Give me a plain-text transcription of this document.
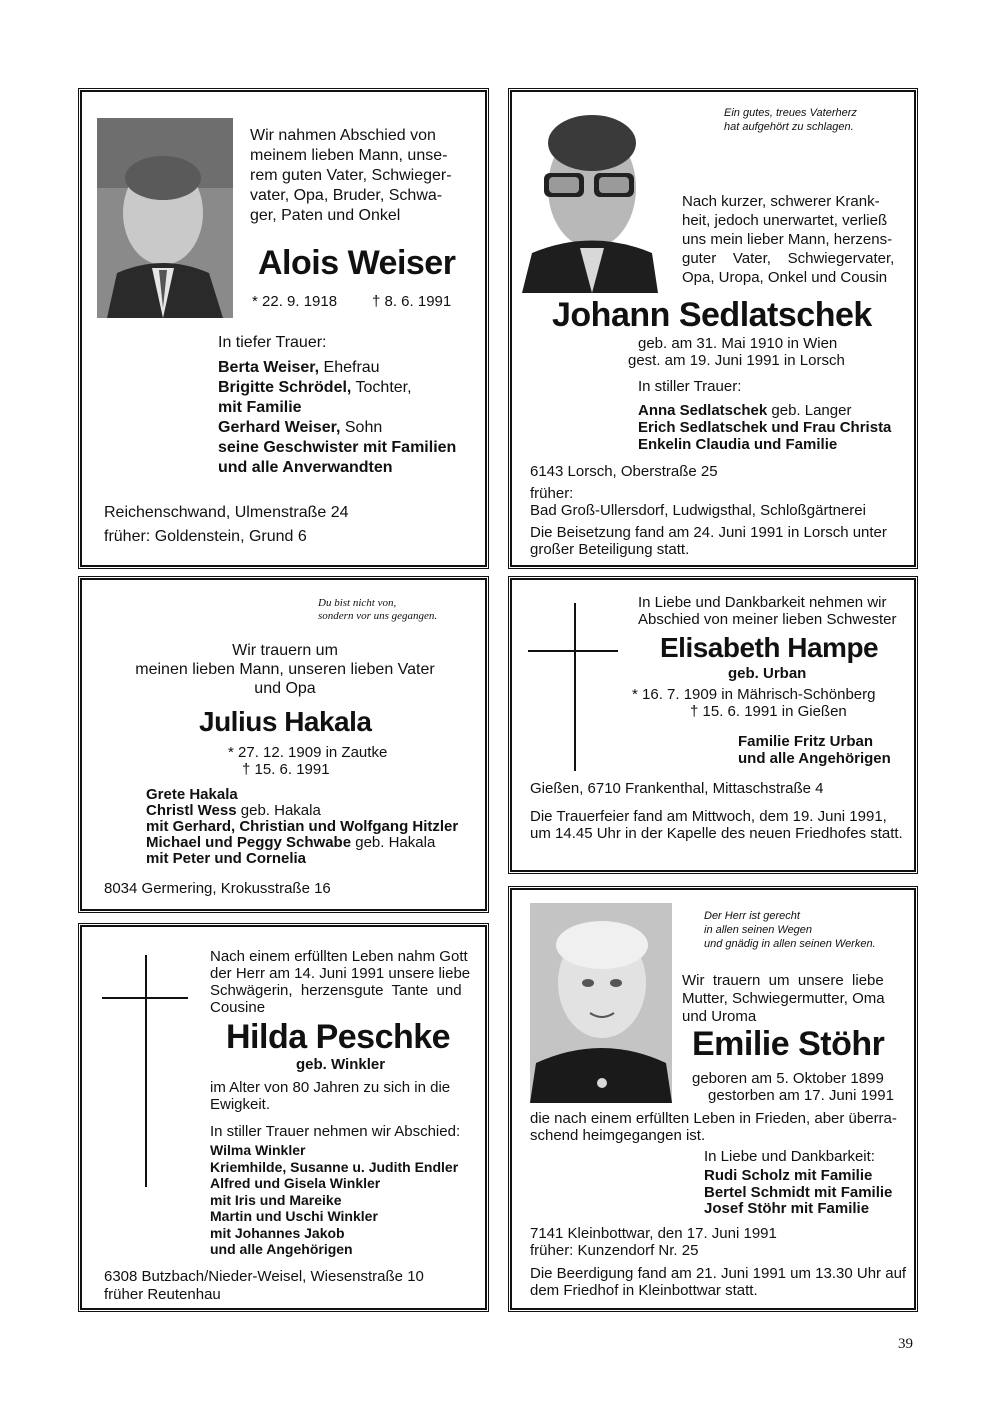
Wir nahmen Abschied von
meinem lieben Mann, unse-
rem guten Vater, Schwieger-
vater, Opa, Bruder, Schwa-
ger, Paten und Onkel
Alois Weiser
* 22. 9. 1918 † 8. 6. 1991
In tiefer Trauer:
Berta Weiser, Ehefrau
Brigitte Schrödel, Tochter,
mit Familie
Gerhard Weiser, Sohn
seine Geschwister mit Familien
und alle Anverwandten
Reichenschwand, Ulmenstraße 24
früher: Goldenstein, Grund 6
Ein gutes, treues Vaterherz
hat aufgehört zu schlagen.
Nach kurzer, schwerer Krank-
heit, jedoch unerwartet, verließ
uns mein lieber Mann, herzens-
guter    Vater,    Schwiegervater,
Opa, Uropa, Onkel und Cousin
Johann Sedlatschek
geb. am 31. Mai 1910 in Wien
gest. am 19. Juni 1991 in Lorsch
In stiller Trauer:
Anna Sedlatschek geb. Langer
Erich Sedlatschek und Frau Christa
Enkelin Claudia und Familie
6143 Lorsch, Oberstraße 25
früher:
Bad Groß-Ullersdorf, Ludwigsthal, Schloßgärtnerei
Die Beisetzung fand am 24. Juni 1991 in Lorsch unter
großer Beteiligung statt.
Du bist nicht von,
sondern vor uns gegangen.
Wir trauern um
meinen lieben Mann, unseren lieben Vater
und Opa
Julius Hakala
* 27. 12. 1909 in Zautke
† 15. 6. 1991
Grete Hakala
Christl Wess geb. Hakala
mit Gerhard, Christian und Wolfgang Hitzler
Michael und Peggy Schwabe geb. Hakala
mit Peter und Cornelia
8034 Germering, Krokusstraße 16
In Liebe und Dankbarkeit nehmen wir
Abschied von meiner lieben Schwester
Elisabeth Hampe
geb. Urban
* 16. 7. 1909 in Mährisch-Schönberg
† 15. 6. 1991 in Gießen
Familie Fritz Urban
und alle Angehörigen
Gießen, 6710 Frankenthal, Mittaschstraße 4
Die Trauerfeier fand am Mittwoch, dem 19. Juni 1991,
um 14.45 Uhr in der Kapelle des neuen Friedhofes statt.
Nach einem erfüllten Leben nahm Gott
der Herr am 14. Juni 1991 unsere liebe
Schwägerin,  herzensgute  Tante  und
Cousine
Hilda Peschke
geb. Winkler
im Alter von 80 Jahren zu sich in die
Ewigkeit.
In stiller Trauer nehmen wir Abschied:
Wilma Winkler
Kriemhilde, Susanne u. Judith Endler
Alfred und Gisela Winkler
mit Iris und Mareike
Martin und Uschi Winkler
mit Johannes Jakob
und alle Angehörigen
6308 Butzbach/Nieder-Weisel, Wiesenstraße 10
früher Reutenhau
Der Herr ist gerecht
in allen seinen Wegen
und gnädig in allen seinen Werken.
Wir  trauern  um  unsere  liebe
Mutter, Schwiegermutter, Oma
und Uroma
Emilie Stöhr
geboren am 5. Oktober 1899
gestorben am 17. Juni 1991
die nach einem erfüllten Leben in Frieden, aber überra-
schend heimgegangen ist.
In Liebe und Dankbarkeit:
Rudi Scholz mit Familie
Bertel Schmidt mit Familie
Josef Stöhr mit Familie
7141 Kleinbottwar, den 17. Juni 1991
früher: Kunzendorf Nr. 25
Die Beerdigung fand am 21. Juni 1991 um 13.30 Uhr auf
dem Friedhof in Kleinbottwar statt.
39
